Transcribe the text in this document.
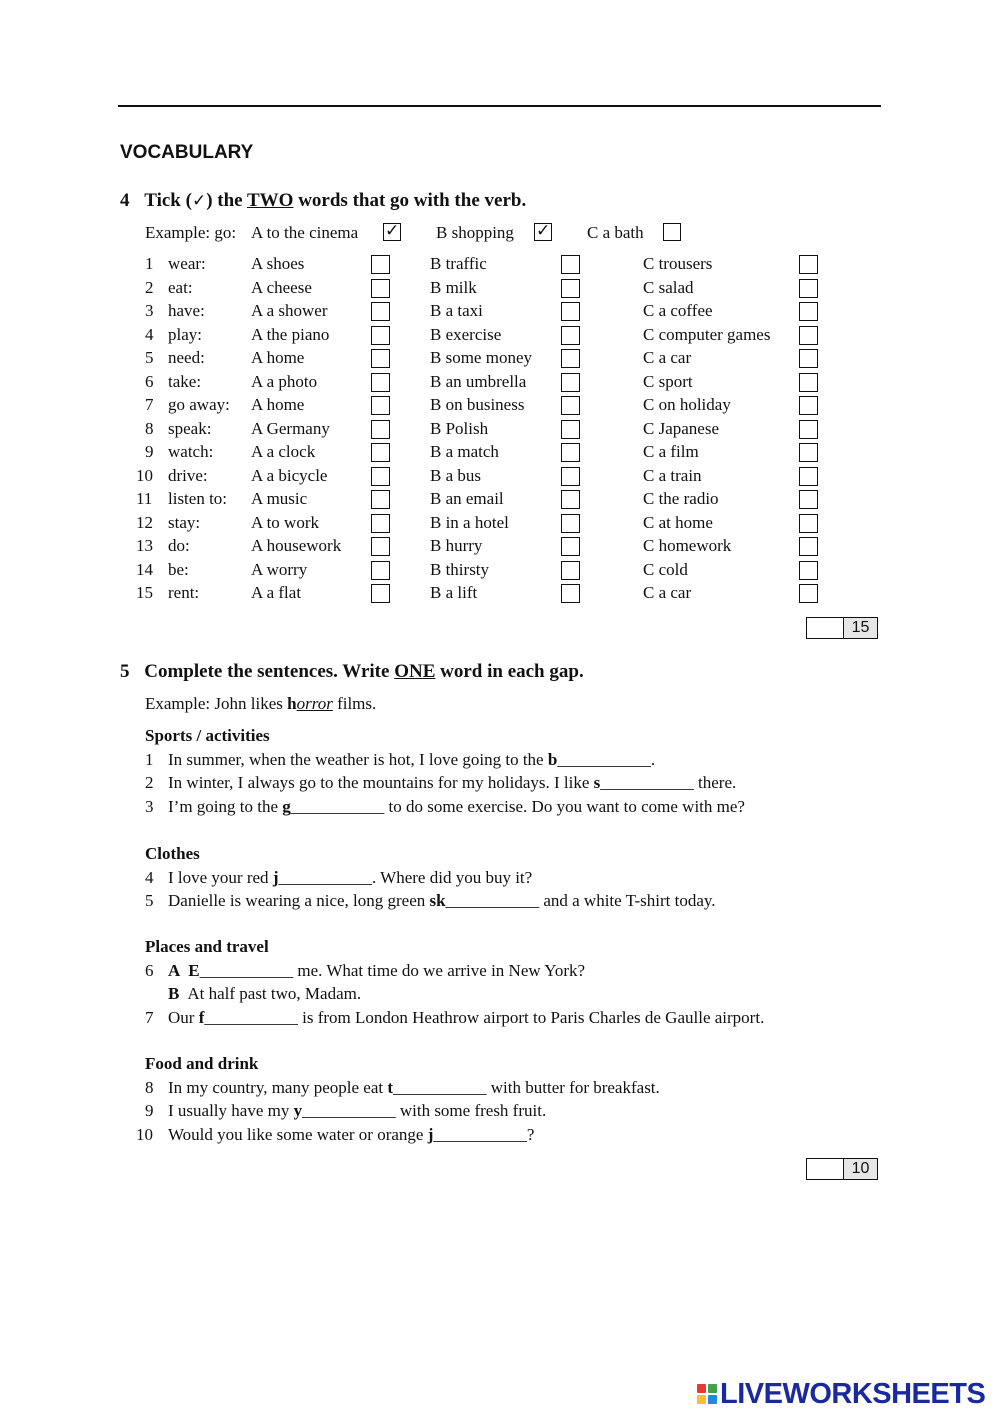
VOCABULARY
4 Tick (✓) the TWO words that go with the verb.
Example: go: A to the cinema ✓ B shopping ✓ C a bath
1 wear:	A shoes	B traffic	C trousers
2 eat:	A cheese	B milk	C salad
3 have:	A a shower	B a taxi	C a coffee
4 play:	A the piano	B exercise	C computer games
5 need:	A home	B some money	C a car
6 take:	A a photo	B an umbrella	C sport
7 go away: A home	B on business	C on holiday
8 speak: A Germany	B Polish	C Japanese
9 watch: A a clock	B a match	C a film
10 drive:	A a bicycle	B a bus	C a train
11 listen to: A music	B an email	C the radio
12 stay:	A to work	B in a hotel	C at home
13 do:	A housework	B hurry	C homework
14 be:	A worry	B thirsty	C cold
15 rent:	A a flat	B a lift	C a car
15
5 Complete the sentences. Write ONE word in each gap.
Example: John likes horror films.
Sports / activities
1 In summer, when the weather is hot, I love going to the b___________.
2 In winter, I always go to the mountains for my holidays. I like s___________ there.
3 I’m going to the g___________ to do some exercise. Do you want to come with me?
Clothes
4 I love your red j___________. Where did you buy it?
5 Danielle is wearing a nice, long green sk___________ and a white T-shirt today.
Places and travel
6 A E___________ me. What time do we arrive in New York?
B At half past two, Madam.
7 Our f___________ is from London Heathrow airport to Paris Charles de Gaulle airport.
Food and drink
8 In my country, many people eat t___________ with butter for breakfast.
9 I usually have my y___________ with some fresh fruit.
10 Would you like some water or orange j___________?
10
LIVEWORKSHEETS
